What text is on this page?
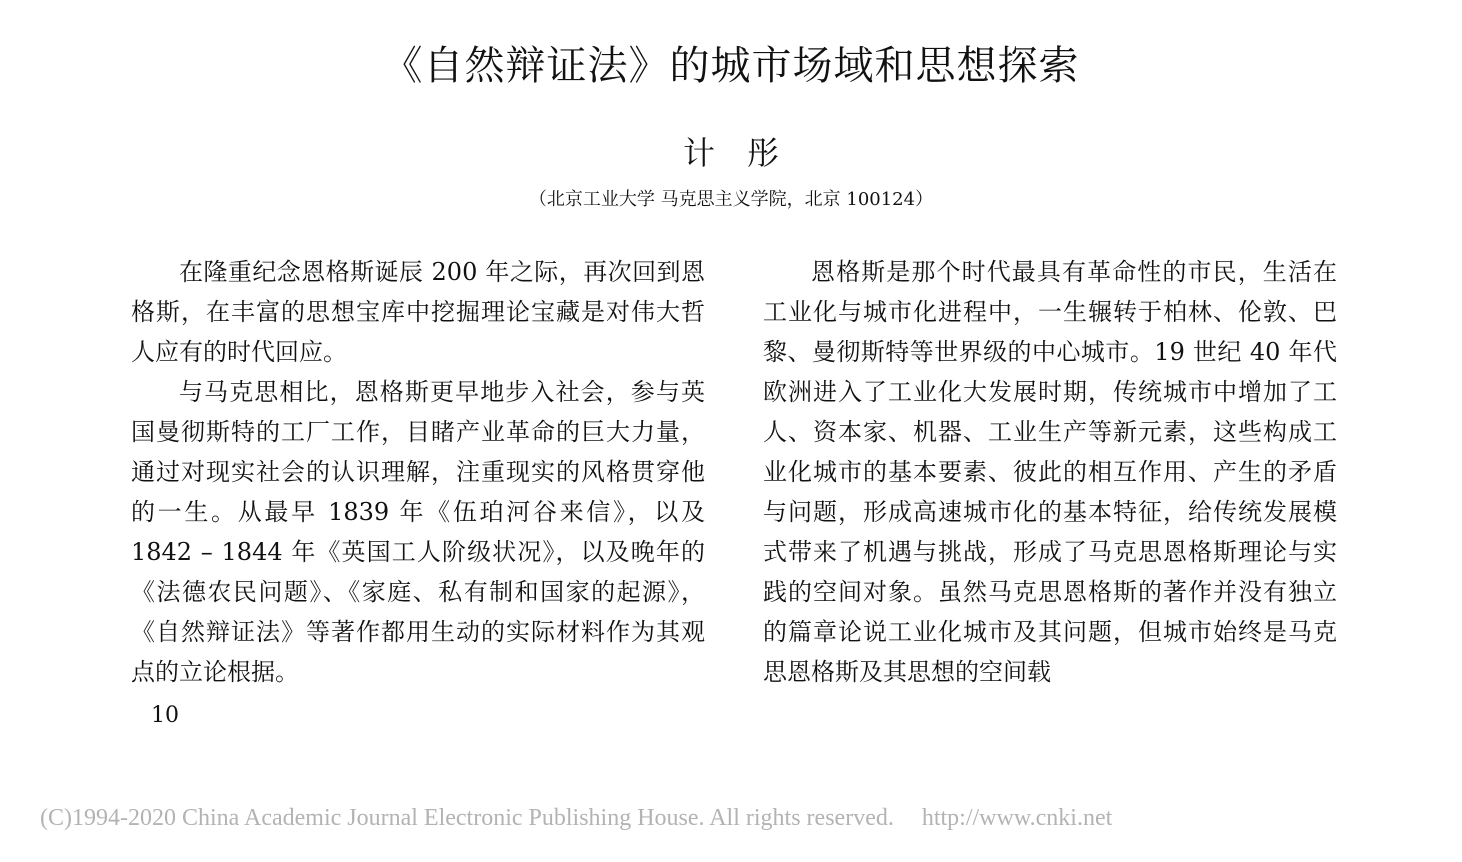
《自然辩证法》的城市场域和思想探索
计彤
（北京工业大学 马克思主义学院，北京 100124）

在隆重纪念恩格斯诞辰 200 年之际，再次回到恩格斯，在丰富的思想宝库中挖掘理论宝藏是对伟大哲人应有的时代回应。

与马克思相比，恩格斯更早地步入社会，参与英国曼彻斯特的工厂工作，目睹产业革命的巨大力量，通过对现实社会的认识理解，注重现实的风格贯穿他的一生。从最早 1839 年《伍珀河谷来信》，以及 1842 – 1844 年《英国工人阶级状况》，以及晚年的《法德农民问题》、《家庭、私有制和国家的起源》，《自然辩证法》等著作都用生动的实际材料作为其观点的立论根据。

恩格斯是那个时代最具有革命性的市民，生活在工业化与城市化进程中，一生辗转于柏林、伦敦、巴黎、曼彻斯特等世界级的中心城市。19 世纪 40 年代欧洲进入了工业化大发展时期，传统城市中增加了工人、资本家、机器、工业生产等新元素，这些构成工业化城市的基本要素、彼此的相互作用、产生的矛盾与问题，形成高速城市化的基本特征，给传统发展模式带来了机遇与挑战，形成了马克思恩格斯理论与实践的空间对象。虽然马克思恩格斯的著作并没有独立的篇章论说工业化城市及其问题，但城市始终是马克思恩格斯及其思想的空间载

10
(C)1994-2020 China Academic Journal Electronic Publishing House. All rights reserved. http://www.cnki.net
